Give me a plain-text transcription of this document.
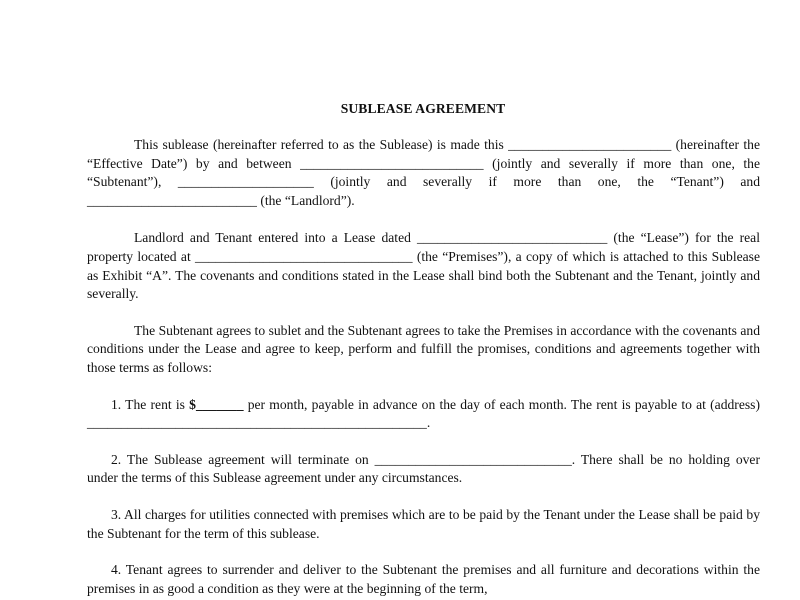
SUBLEASE AGREEMENT

This sublease (hereinafter referred to as the Sublease) is made this ________________________ (hereinafter the “Effective Date”) by and between ___________________________ (jointly and severally if more than one, the “Subtenant”), ____________________ (jointly and severally if more than one, the “Tenant”) and _________________________ (the “Landlord”).

Landlord and Tenant entered into a Lease dated ____________________________ (the “Lease”) for the real property located at ________________________________ (the “Premises”), a copy of which is attached to this Sublease as Exhibit “A”. The covenants and conditions stated in the Lease shall bind both the Subtenant and the Tenant, jointly and severally.

The Subtenant agrees to sublet and the Subtenant agrees to take the Premises in accordance with the covenants and conditions under the Lease and agree to keep, perform and fulfill the promises, conditions and agreements together with those terms as follows:

1. The rent is $_______ per month, payable in advance on the day of each month. The rent is payable to at (address) __________________________________________________.

2. The Sublease agreement will terminate on _____________________________. There shall be no holding over under the terms of this Sublease agreement under any circumstances.

3. All charges for utilities connected with premises which are to be paid by the Tenant under the Lease shall be paid by the Subtenant for the term of this sublease.

4. Tenant agrees to surrender and deliver to the Subtenant the premises and all furniture and decorations within the premises in as good a condition as they were at the beginning of the term,
